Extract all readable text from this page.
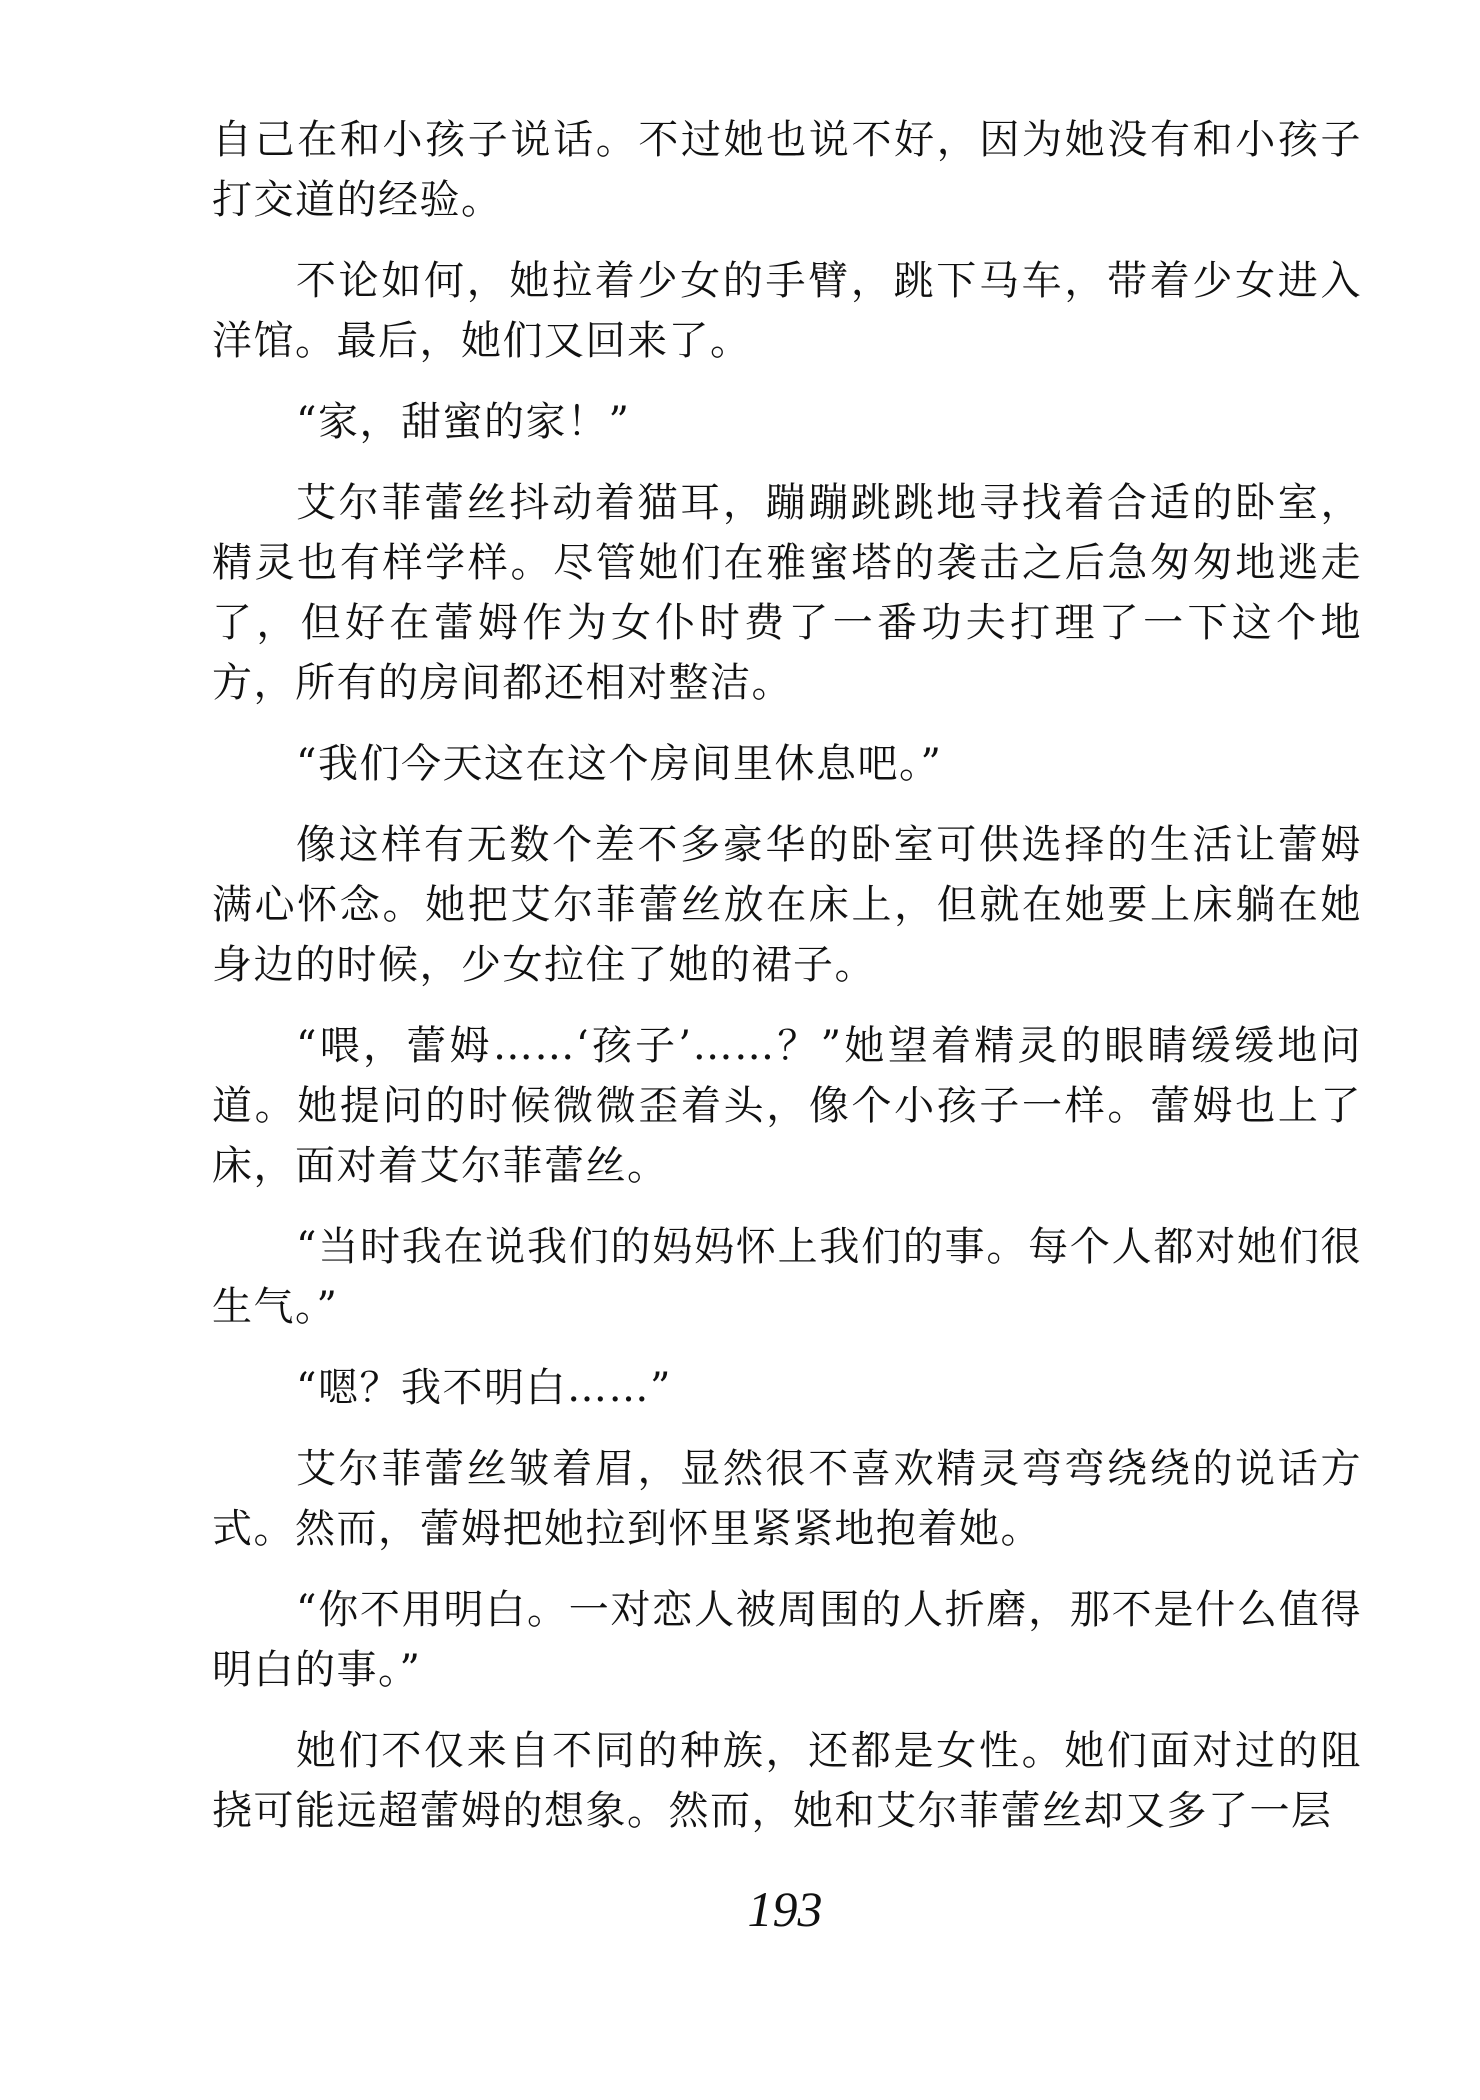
自己在和小孩子说话。不过她也说不好，因为她没有和小孩子打交道的经验。

不论如何，她拉着少女的手臂，跳下马车，带着少女进入洋馆。最后，她们又回来了。

“家，甜蜜的家！”

艾尔菲蕾丝抖动着猫耳，蹦蹦跳跳地寻找着合适的卧室，精灵也有样学样。尽管她们在雅蜜塔的袭击之后急匆匆地逃走了，但好在蕾姆作为女仆时费了一番功夫打理了一下这个地方，所有的房间都还相对整洁。

“我们今天这在这个房间里休息吧。”

像这样有无数个差不多豪华的卧室可供选择的生活让蕾姆满心怀念。她把艾尔菲蕾丝放在床上，但就在她要上床躺在她身边的时候，少女拉住了她的裙子。

“喂，蕾姆……‘孩子’……？”她望着精灵的眼睛缓缓地问道。她提问的时候微微歪着头，像个小孩子一样。蕾姆也上了床，面对着艾尔菲蕾丝。

“当时我在说我们的妈妈怀上我们的事。每个人都对她们很生气。”

“嗯？我不明白……”

艾尔菲蕾丝皱着眉，显然很不喜欢精灵弯弯绕绕的说话方式。然而，蕾姆把她拉到怀里紧紧地抱着她。

“你不用明白。一对恋人被周围的人折磨，那不是什么值得明白的事。”

她们不仅来自不同的种族，还都是女性。她们面对过的阻挠可能远超蕾姆的想象。然而，她和艾尔菲蕾丝却又多了一层

193
